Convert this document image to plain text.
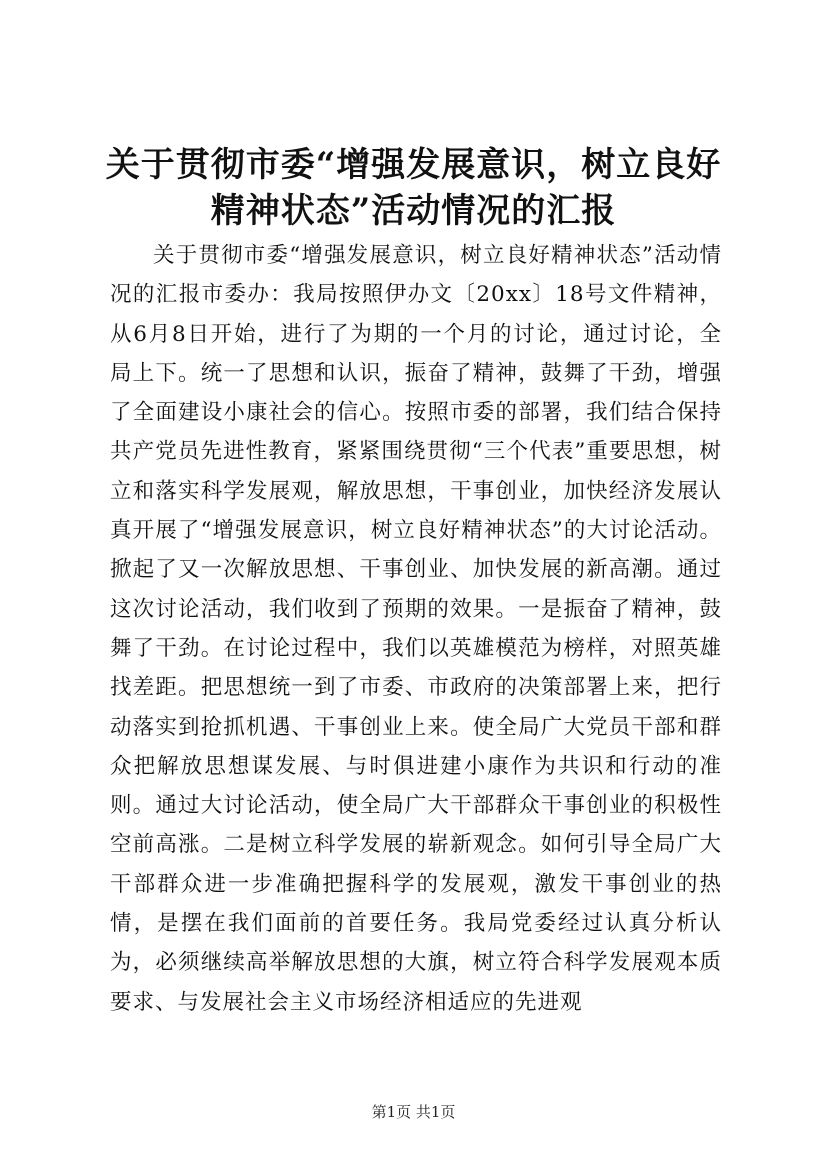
关于贯彻市委“增强发展意识，树立良好精神状态”活动情况的汇报

关于贯彻市委“增强发展意识，树立良好精神状态”活动情况的汇报市委办：我局按照伊办文〔20xx〕18号文件精神，从6月8日开始，进行了为期的一个月的讨论，通过讨论，全局上下。统一了思想和认识，振奋了精神，鼓舞了干劲，增强了全面建设小康社会的信心。按照市委的部署，我们结合保持共产党员先进性教育，紧紧围绕贯彻“三个代表”重要思想，树立和落实科学发展观，解放思想，干事创业，加快经济发展认真开展了“增强发展意识，树立良好精神状态”的大讨论活动。掀起了又一次解放思想、干事创业、加快发展的新高潮。通过这次讨论活动，我们收到了预期的效果。一是振奋了精神，鼓舞了干劲。在讨论过程中，我们以英雄模范为榜样，对照英雄找差距。把思想统一到了市委、市政府的决策部署上来，把行动落实到抢抓机遇、干事创业上来。使全局广大党员干部和群众把解放思想谋发展、与时俱进建小康作为共识和行动的准则。通过大讨论活动，使全局广大干部群众干事创业的积极性空前高涨。二是树立科学发展的崭新观念。如何引导全局广大干部群众进一步准确把握科学的发展观，激发干事创业的热情，是摆在我们面前的首要任务。我局党委经过认真分析认为，必须继续高举解放思想的大旗，树立符合科学发展观本质要求、与发展社会主义市场经济相适应的先进观

第1页 共1页
